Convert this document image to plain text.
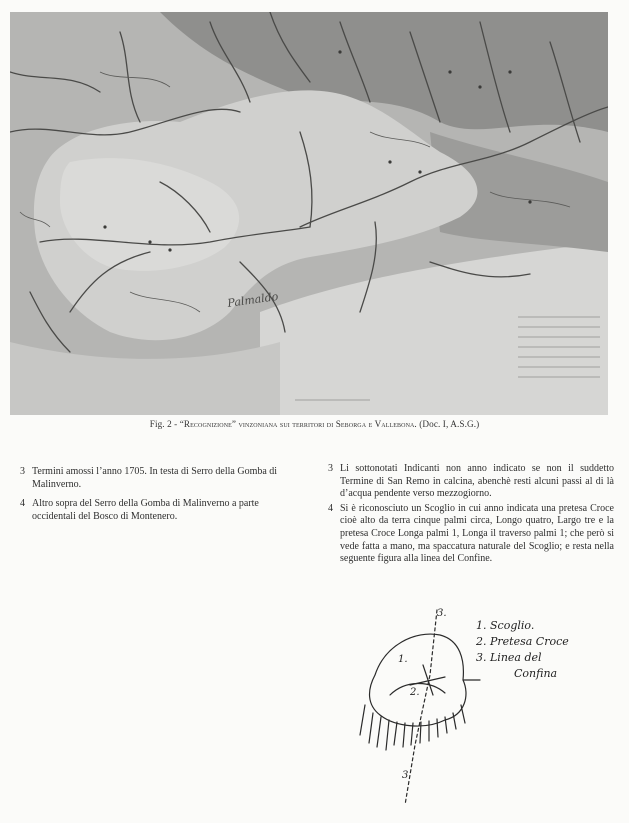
Palmaldo
Fig. 2 - “Recognizione” vinzoniana sui territori di Seborga e Vallebona. (Doc. I, A.S.G.)
3 Termini amossi l’anno 1705. In testa di Serro della Gomba di Malinverno.
4 Altro sopra del Serro della Gomba di Malinverno a parte occidentali del Bosco di Montenero.
3 Li sottonotati Indicanti non anno indicato se non il suddetto Termine di San Remo in calcina, abenchè resti alcuni passi al di là d’acqua pendente verso mezzogiorno.
4 Si è riconosciuto un Scoglio in cui anno indicata una pretesa Croce cioè alto da terra cinque palmi circa, Longo quatro, Largo tre e la pretesa Croce Longa palmi 1, Longa il traverso palmi 1; che però si vede fatta a mano, ma spaccatura naturale del Scoglio; e resta nella seguente figura alla linea del Confine.
3.
1.
2.
3
1. Scoglio.
2. Pretesa Croce
3. Linea del
Confina
